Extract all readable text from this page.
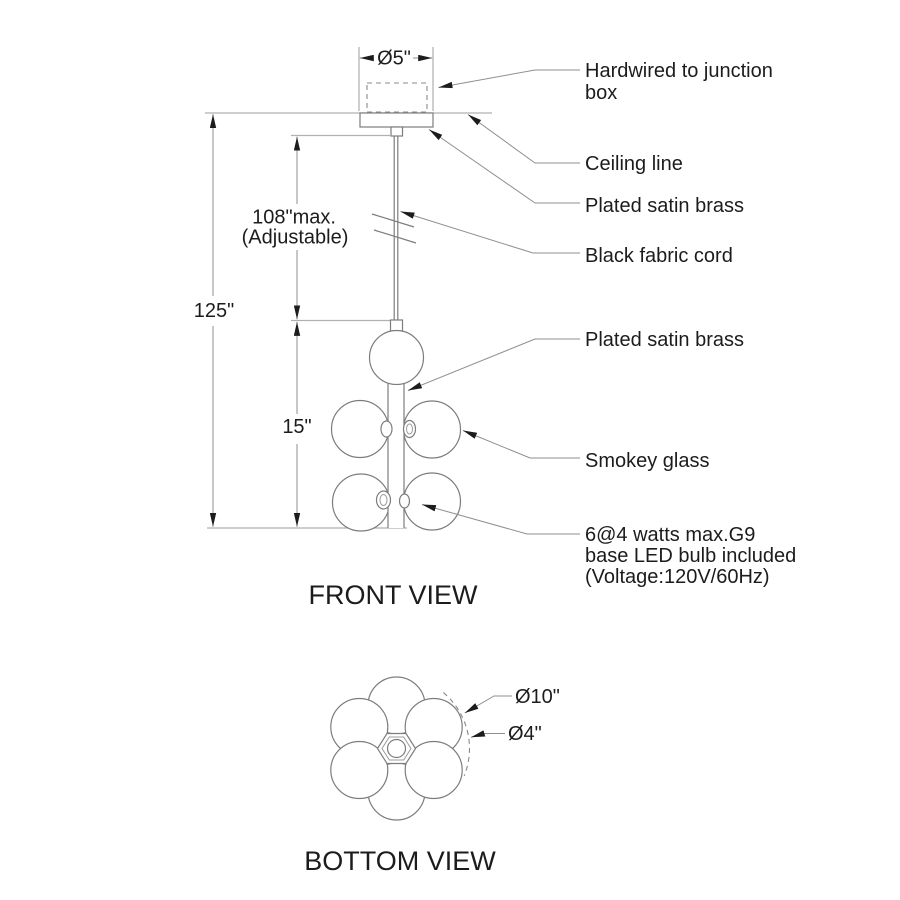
Ø5"
125"
108"max.
(Adjustable)
15"
Hardwired to junction
box
Ceiling line
Plated satin brass
Black fabric cord
Plated satin brass
Smokey glass
6@4 watts max.G9
base LED bulb included
(Voltage:120V/60Hz)
FRONT VIEW
Ø10"
Ø4"
BOTTOM VIEW
